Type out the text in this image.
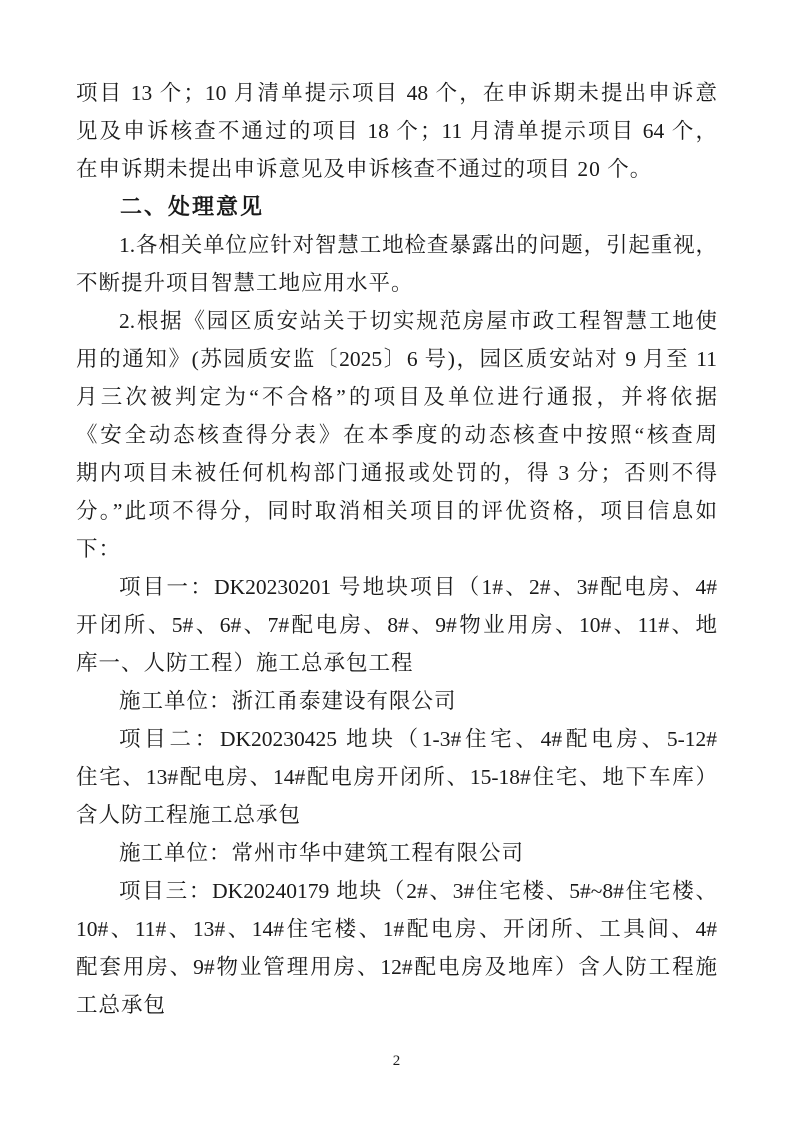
项目 13 个；10 月清单提示项目 48 个，在申诉期未提出申诉意
见及申诉核查不通过的项目 18 个；11 月清单提示项目 64 个，
在申诉期未提出申诉意见及申诉核查不通过的项目 20 个。
二、处理意见
1.各相关单位应针对智慧工地检查暴露出的问题，引起重视，
不断提升项目智慧工地应用水平。
2.根据《园区质安站关于切实规范房屋市政工程智慧工地使
用的通知》(苏园质安监〔2025〕6 号)，园区质安站对 9 月至 11
月三次被判定为“不合格”的项目及单位进行通报，并将依据
《安全动态核查得分表》在本季度的动态核查中按照“核查周
期内项目未被任何机构部门通报或处罚的，得 3 分；否则不得
分。”此项不得分，同时取消相关项目的评优资格，项目信息如
下：
项目一：DK20230201 号地块项目（1#、2#、3#配电房、4#
开闭所、5#、6#、7#配电房、8#、9#物业用房、10#、11#、地
库一、人防工程）施工总承包工程
施工单位：浙江甬泰建设有限公司
项目二：DK20230425 地块（1-3#住宅、4#配电房、5-12#
住宅、13#配电房、14#配电房开闭所、15-18#住宅、地下车库）
含人防工程施工总承包
施工单位：常州市华中建筑工程有限公司
项目三：DK20240179 地块（2#、3#住宅楼、5#~8#住宅楼、
10#、11#、13#、14#住宅楼、1#配电房、开闭所、工具间、4#
配套用房、9#物业管理用房、12#配电房及地库）含人防工程施
工总承包
2
